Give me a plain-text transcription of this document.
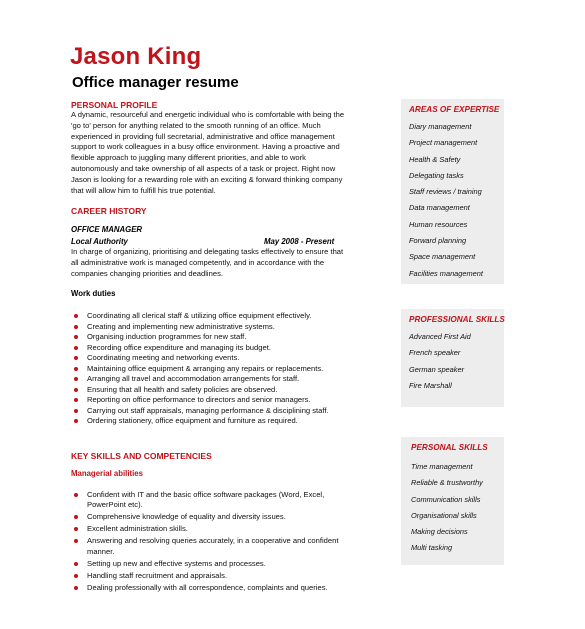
Jason King
Office manager resume
PERSONAL PROFILE

A dynamic, resourceful and energetic individual who is comfortable with being the 'go to' person for anything related to the smooth running of an office. Much experienced in providing full secretarial, administrative and office management support to work colleagues in a busy office environment. Having a proactive and flexible approach to juggling many different priorities, and able to work autonomously and take ownership of all aspects of a task or project. Right now Jason is looking for a rewarding role with an exciting & forward thinking company that will allow him to fulfill his true potential.

CAREER HISTORY
OFFICE MANAGER
Local Authority	May 2008 - Present

In charge of organizing, prioritising and delegating tasks effectively to ensure that all administrative work is managed competently, and in accordance with the companies changing priorities and deadlines.

Work duties
Coordinating all clerical staff & utilizing office equipment effectively.
Creating and implementing new administrative systems.
Organising induction programmes for new staff.
Recording office expenditure and managing its budget.
Coordinating meeting and networking events.
Maintaining office equipment & arranging any repairs or replacements.
Arranging all travel and accommodation arrangements for staff.
Ensuring that all health and safety policies are observed.
Reporting on office performance to directors and senior managers.
Carrying out staff appraisals, managing performance & disciplining staff.
Ordering stationery, office equipment and furniture as required.
KEY SKILLS AND COMPETENCIES
Managerial abilities
Confident with IT and the basic office software packages (Word, Excel, PowerPoint etc).
Comprehensive knowledge of equality and diversity issues.
Excellent administration skills.
Answering and resolving queries accurately, in a cooperative and confident manner.
Setting up new and effective systems and processes.
Handling staff recruitment and appraisals.
Dealing professionally with all correspondence, complaints and queries.
AREAS OF EXPERTISE
Diary management
Project management
Health & Safety
Delegating tasks
Staff reviews / training
Data management
Human resources
Forward planning
Space management
Facilities management
PROFESSIONAL SKILLS
Advanced First Aid
French speaker
German speaker
Fire Marshall
PERSONAL SKILLS
Time management
Reliable & trustworthy
Communication skills
Organisational skills
Making decisions
Multi tasking
